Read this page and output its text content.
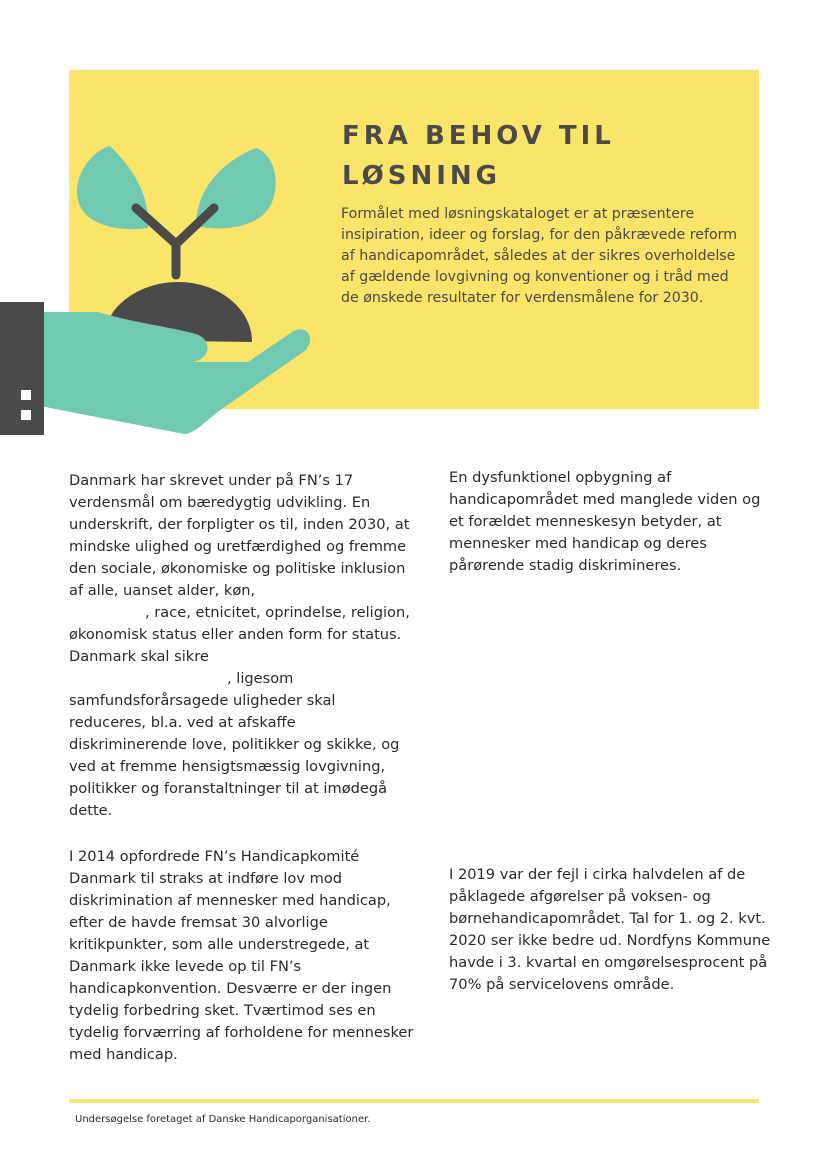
FRA BEHOV TIL
LØSNING

Formålet med løsningskataloget er at præsentere insipiration, ideer og forslag, for den påkrævede reform af handicapområdet, således at der sikres overholdelse af gældende lovgivning og konventioner og i tråd med de ønskede resultater for verdensmålene for 2030.

Danmark har skrevet under på FN’s 17 verdensmål om bæredygtig udvikling. En underskrift, der forpligter os til, inden 2030, at mindske ulighed og uretfærdighed og fremme den sociale, økonomiske og politiske inklusion af alle, uanset alder, køn,
, race, etnicitet, oprindelse, religion, økonomisk status eller anden form for status. Danmark skal sikre
, ligesom samfundsforårsagede uligheder skal reduceres, bl.a. ved at afskaffe diskriminerende love, politikker og skikke, og ved at fremme hensigtsmæssig lovgivning, politikker og foranstaltninger til at imødegå dette.

I 2014 opfordrede FN’s Handicapkomité Danmark til straks at indføre lov mod diskrimination af mennesker med handicap, efter de havde fremsat 30 alvorlige kritikpunkter, som alle understregede, at Danmark ikke levede op til FN’s handicapkonvention. Desværre er der ingen tydelig forbedring sket. Tværtimod ses en tydelig forværring af forholdene for mennesker med handicap.

En dysfunktionel opbygning af handicapområdet med manglede viden og et forældet menneskesyn betyder, at mennesker med handicap og deres pårørende stadig diskrimineres.

I 2019 var der fejl i cirka halvdelen af de påklagede afgørelser på voksen- og børnehandicapområdet. Tal for 1. og 2. kvt. 2020 ser ikke bedre ud. Nordfyns Kommune havde i 3. kvartal en omgørelsesprocent på 70% på servicelovens område.

Undersøgelse foretaget af Danske Handicaporganisationer.
